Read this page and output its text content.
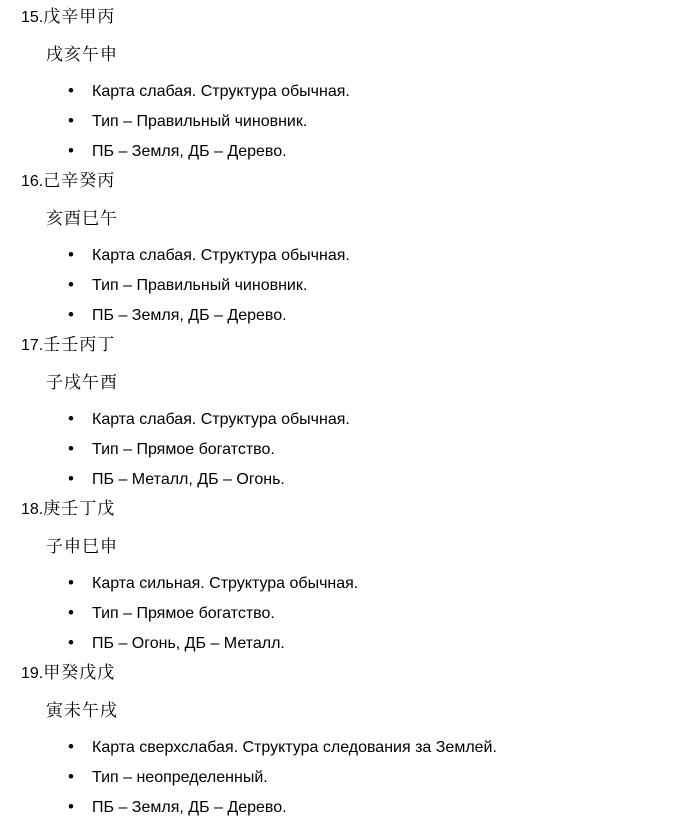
15.戊辛甲丙

戌亥午申

•	Карта слабая. Структура обычная.
•	Тип – Правильный чиновник.
•	ПБ – Земля, ДБ – Дерево.
16.己辛癸丙

亥酉巳午

•	Карта слабая. Структура обычная.
•	Тип – Правильный чиновник.
•	ПБ – Земля, ДБ – Дерево.
17.壬壬丙丁

子戌午酉

•	Карта слабая. Структура обычная.
•	Тип – Прямое богатство.
•	ПБ – Металл, ДБ – Огонь.
18.庚壬丁戊

子申巳申

•	Карта сильная. Структура обычная.
•	Тип – Прямое богатство.
•	ПБ – Огонь, ДБ – Металл.
19.甲癸戊戊

寅未午戌

•	Карта сверхслабая. Структура следования за Землей.
•	Тип – неопределенный.
•	ПБ – Земля, ДБ – Дерево.
